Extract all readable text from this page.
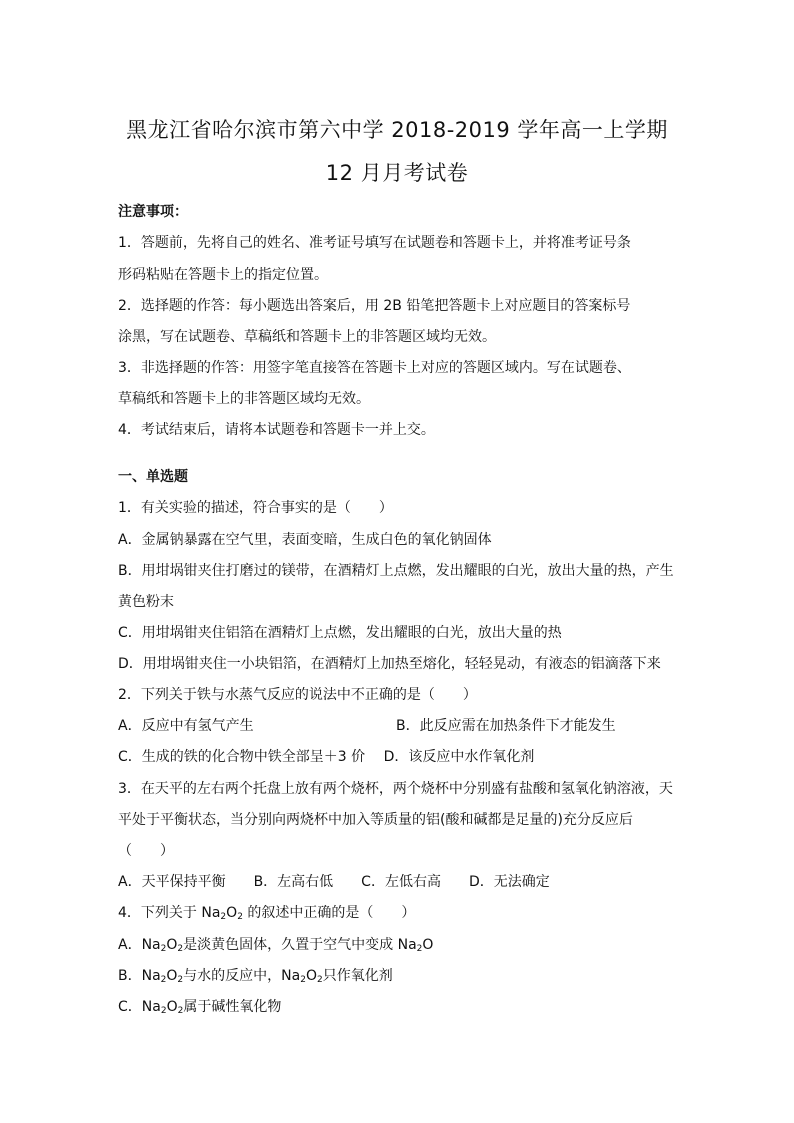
黑龙江省哈尔滨市第六中学 2018-2019 学年高一上学期
12 月月考试卷
注意事项：
1．答题前，先将自己的姓名、准考证号填写在试题卷和答题卡上，并将准考证号条
形码粘贴在答题卡上的指定位置。
2．选择题的作答：每小题选出答案后，用 2B 铅笔把答题卡上对应题目的答案标号
涂黑，写在试题卷、草稿纸和答题卡上的非答题区域均无效。
3．非选择题的作答：用签字笔直接答在答题卡上对应的答题区域内。写在试题卷、
草稿纸和答题卡上的非答题区域均无效。
4．考试结束后，请将本试题卷和答题卡一并上交。
一、单选题
1．有关实验的描述，符合事实的是（　　）
A．金属钠暴露在空气里，表面变暗，生成白色的氧化钠固体
B．用坩埚钳夹住打磨过的镁带，在酒精灯上点燃，发出耀眼的白光，放出大量的热，产生
黄色粉末
C．用坩埚钳夹住铝箔在酒精灯上点燃，发出耀眼的白光，放出大量的热
D．用坩埚钳夹住一小块铝箔，在酒精灯上加热至熔化，轻轻晃动，有液态的铝滴落下来
2．下列关于铁与水蒸气反应的说法中不正确的是（　　）
A．反应中有氢气产生	B．此反应需在加热条件下才能发生
C．生成的铁的化合物中铁全部呈＋3 价　 D．该反应中水作氧化剂
3．在天平的左右两个托盘上放有两个烧杯，两个烧杯中分别盛有盐酸和氢氧化钠溶液，天
平处于平衡状态，当分别向两烧杯中加入等质量的铝(酸和碱都是足量的)充分反应后
（　　）
A．天平保持平衡　　B．左高右低　　C．左低右高　　D．无法确定
4．下列关于 $Na_2O_2$ 的叙述中正确的是（　　）
A．$Na_2O_2$是淡黄色固体，久置于空气中变成 $Na_2O$
B．$Na_2O_2$与水的反应中，$Na_2O_2$只作氧化剂
C．$Na_2O_2$属于碱性氧化物
